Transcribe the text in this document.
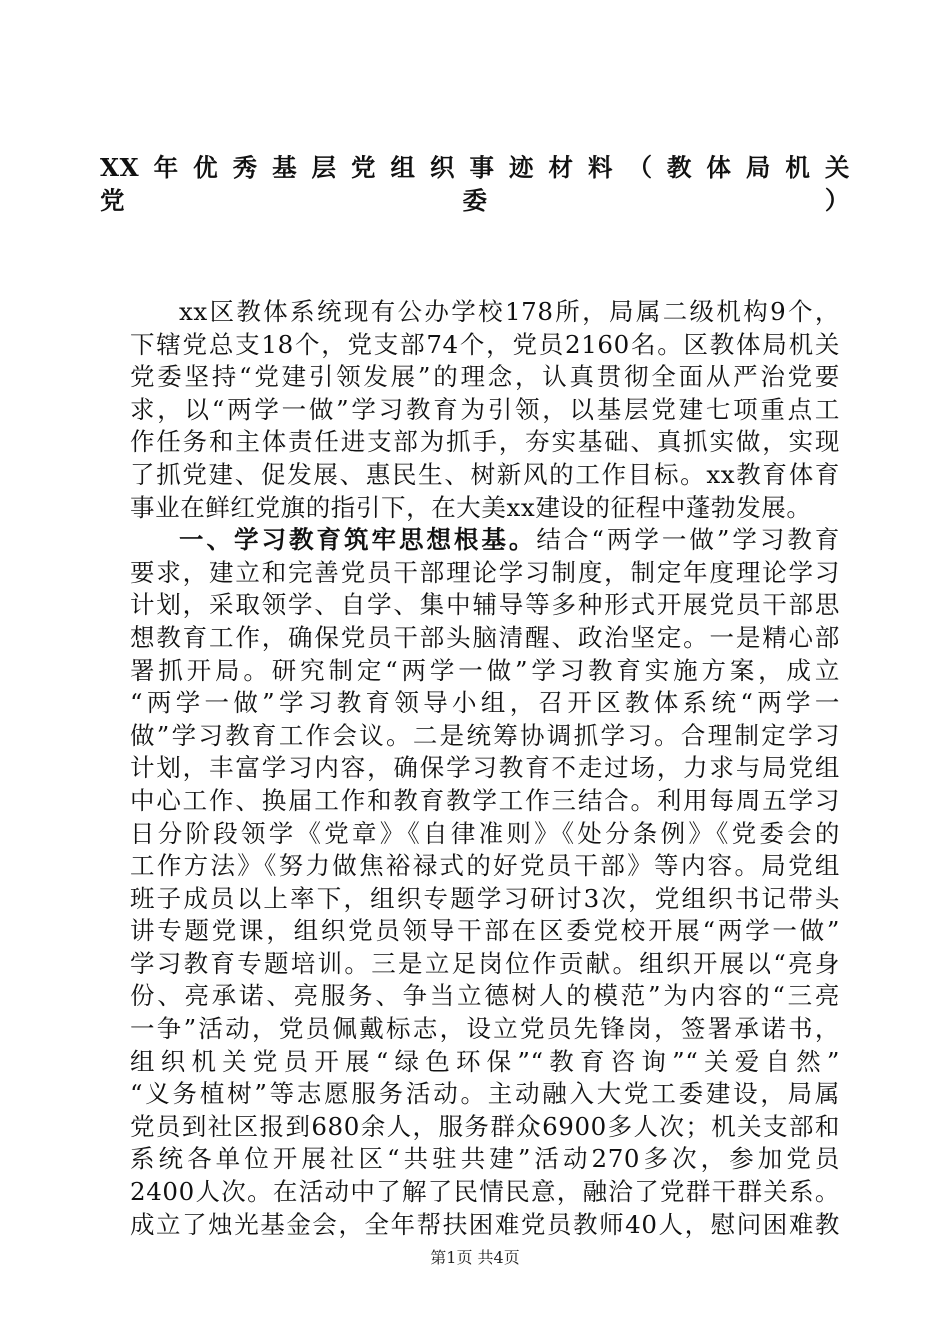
XX年优秀基层党组织事迹材料（教体局机关
党委）
xx区教体系统现有公办学校178所，局属二级机构9个，
下辖党总支18个，党支部74个，党员2160名。区教体局机关
党委坚持“党建引领发展”的理念，认真贯彻全面从严治党要
求，以“两学一做”学习教育为引领，以基层党建七项重点工
作任务和主体责任进支部为抓手，夯实基础、真抓实做，实现
了抓党建、促发展、惠民生、树新风的工作目标。xx教育体育
事业在鲜红党旗的指引下，在大美xx建设的征程中蓬勃发展。
一、学习教育筑牢思想根基。结合“两学一做”学习教育
要求，建立和完善党员干部理论学习制度，制定年度理论学习
计划，采取领学、自学、集中辅导等多种形式开展党员干部思
想教育工作，确保党员干部头脑清醒、政治坚定。一是精心部
署抓开局。研究制定“两学一做”学习教育实施方案，成立
“两学一做”学习教育领导小组，召开区教体系统“两学一
做”学习教育工作会议。二是统筹协调抓学习。合理制定学习
计划，丰富学习内容，确保学习教育不走过场，力求与局党组
中心工作、换届工作和教育教学工作三结合。利用每周五学习
日分阶段领学《党章》《自律准则》《处分条例》《党委会的
工作方法》《努力做焦裕禄式的好党员干部》等内容。局党组
班子成员以上率下，组织专题学习研讨3次，党组织书记带头
讲专题党课，组织党员领导干部在区委党校开展“两学一做”
学习教育专题培训。三是立足岗位作贡献。组织开展以“亮身
份、亮承诺、亮服务、争当立德树人的模范”为内容的“三亮
一争”活动，党员佩戴标志，设立党员先锋岗，签署承诺书，
组织机关党员开展“绿色环保”“教育咨询”“关爱自然”
“义务植树”等志愿服务活动。主动融入大党工委建设，局属
党员到社区报到680余人，服务群众6900多人次；机关支部和
系统各单位开展社区“共驻共建”活动270多次，参加党员
2400人次。在活动中了解了民情民意，融洽了党群干群关系。
成立了烛光基金会，全年帮扶困难党员教师40人，慰问困难教
第1页 共4页
